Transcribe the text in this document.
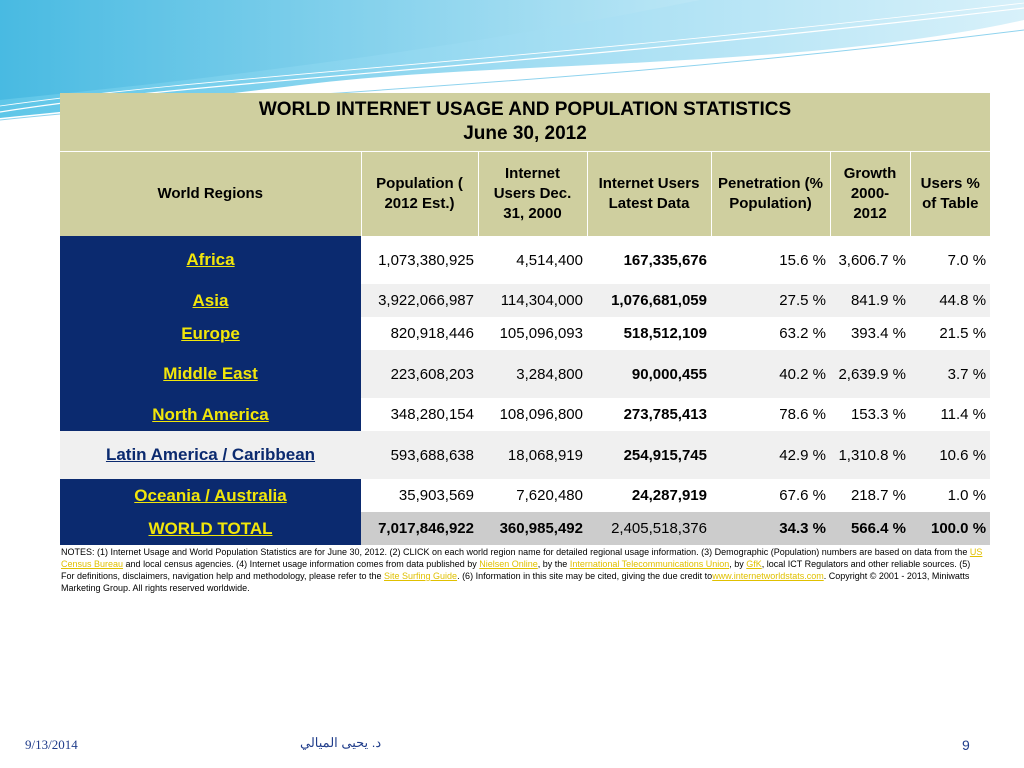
WORLD INTERNET USAGE AND POPULATION STATISTICS
June 30, 2012						

World Regions	Population ( 2012 Est.)	Internet Users Dec. 31, 2000	Internet Users Latest Data	Penetration (% Population)	Growth 2000-2012	Users % of Table
Africa	1,073,380,925	4,514,400	167,335,676	15.6 %	3,606.7 %	7.0 %
Asia	3,922,066,987	114,304,000	1,076,681,059	27.5 %	841.9 %	44.8 %
Europe	820,918,446	105,096,093	518,512,109	63.2 %	393.4 %	21.5 %
Middle East	223,608,203	3,284,800	90,000,455	40.2 %	2,639.9 %	3.7 %
North America	348,280,154	108,096,800	273,785,413	78.6 %	153.3 %	11.4 %
Latin America / Caribbean	593,688,638	18,068,919	254,915,745	42.9 %	1,310.8 %	10.6 %
Oceania / Australia	35,903,569	7,620,480	24,287,919	67.6 %	218.7 %	1.0 %
WORLD TOTAL	7,017,846,922	360,985,492	2,405,518,376	34.3 %	566.4 %	100.0 %
NOTES: (1) Internet Usage and World Population Statistics are for June 30, 2012. (2) CLICK on each world region name for detailed regional usage information. (3) Demographic (Population) numbers are based on data from the US Census Bureau and local census agencies. (4) Internet usage information comes from data published by Nielsen Online, by the International Telecommunications Union, by GfK, local ICT Regulators and other reliable sources. (5) For definitions, disclaimers, navigation help and methodology, please refer to the Site Surfing Guide. (6) Information in this site may be cited, giving the due credit towww.internetworldstats.com. Copyright © 2001 - 2013, Miniwatts Marketing Group. All rights reserved worldwide.
9/13/2014	د. يحيى الميالي	9
